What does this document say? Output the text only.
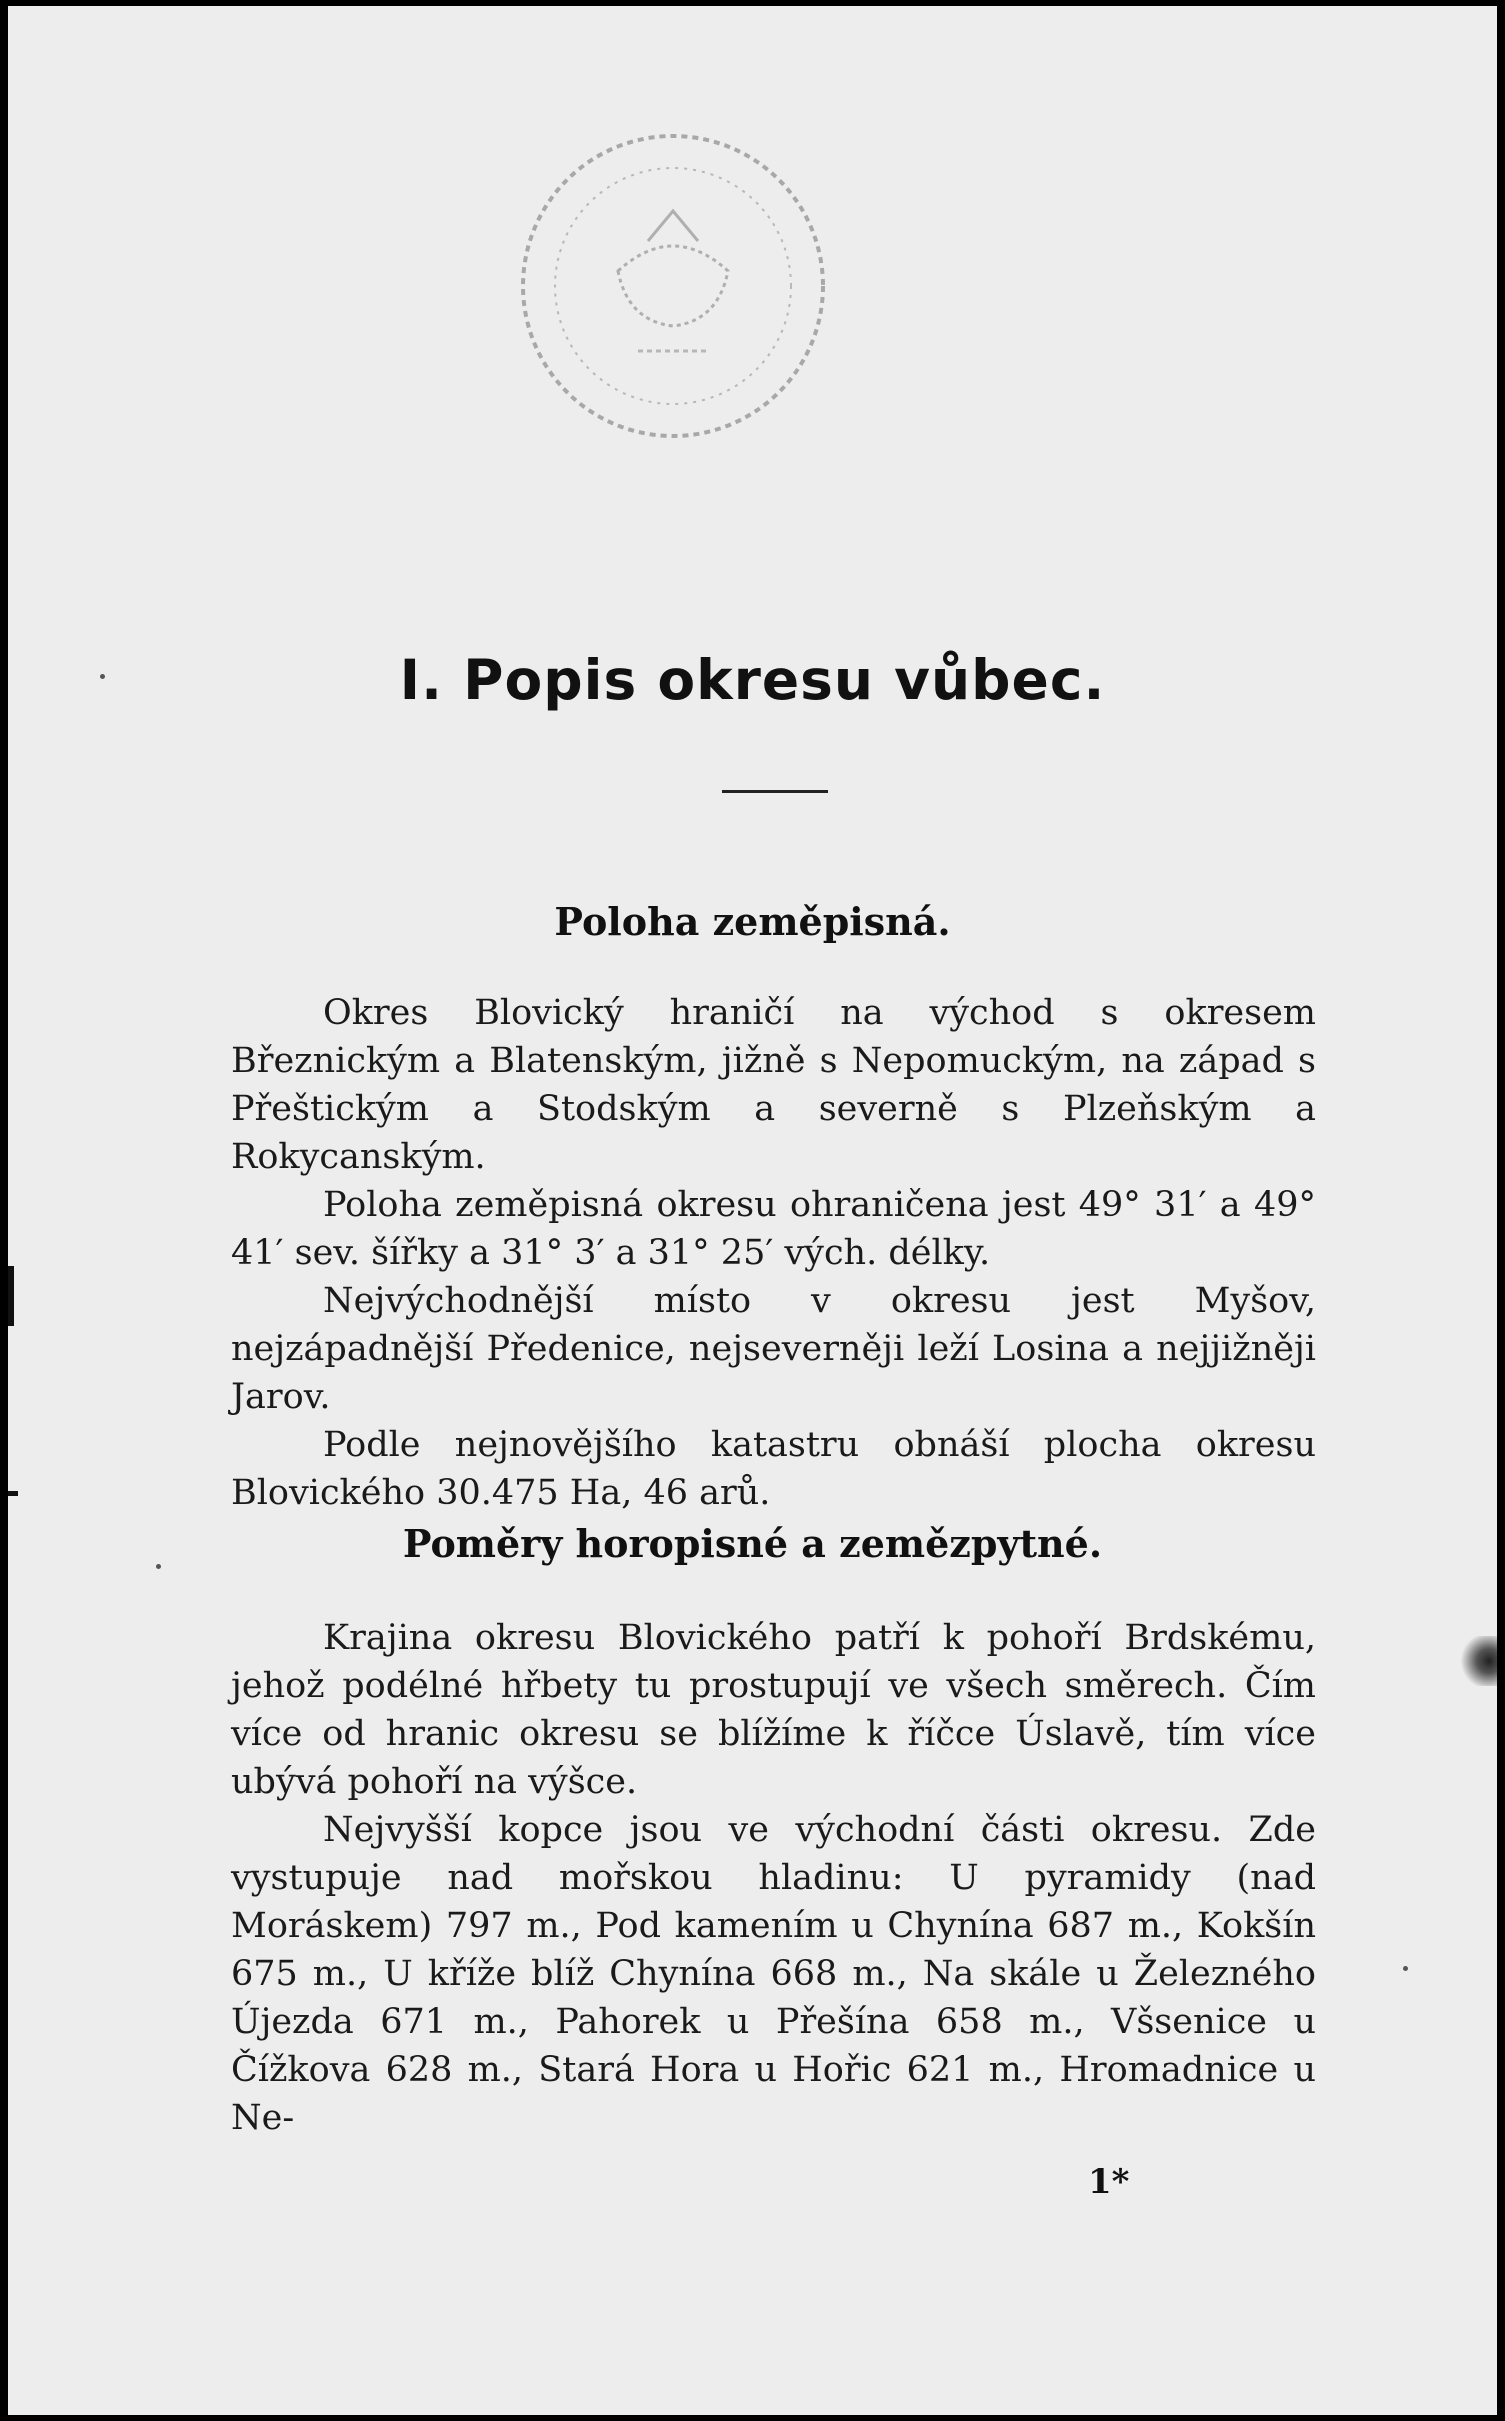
I. Popis okresu vůbec.
Poloha zeměpisná.

Okres Blovický hraničí na východ s okresem Březnickým a Blatenským, jižně s Nepomuckým, na západ s Přeštickým a Stodským a severně s Plzeňským a Rokycanským.

Poloha zeměpisná okresu ohraničena jest 49° 31′ a 49° 41′ sev. šířky a 31° 3′ a 31° 25′ vých. délky.

Nejvýchodnější místo v okresu jest Myšov, nejzápadnější Předenice, nejseverněji leží Losina a nejjižněji Jarov.

Podle nejnovějšího katastru obnáší plocha okresu Blovického 30.475 Ha, 46 arů.

Poměry horopisné a zemězpytné.

Krajina okresu Blovického patří k pohoří Brdskému, jehož podélné hřbety tu prostupují ve všech směrech. Čím více od hranic okresu se blížíme k říčce Úslavě, tím více ubývá pohoří na výšce.

Nejvyšší kopce jsou ve východní části okresu. Zde vystupuje nad mořskou hladinu: U pyramidy (nad Moráskem) 797 m., Pod kamením u Chynína 687 m., Kokšín 675 m., U kříže blíž Chynína 668 m., Na skále u Železného Újezda 671 m., Pahorek u Přešína 658 m., Všsenice u Čížkova 628 m., Stará Hora u Hořic 621 m., Hromadnice u Ne-

1*
